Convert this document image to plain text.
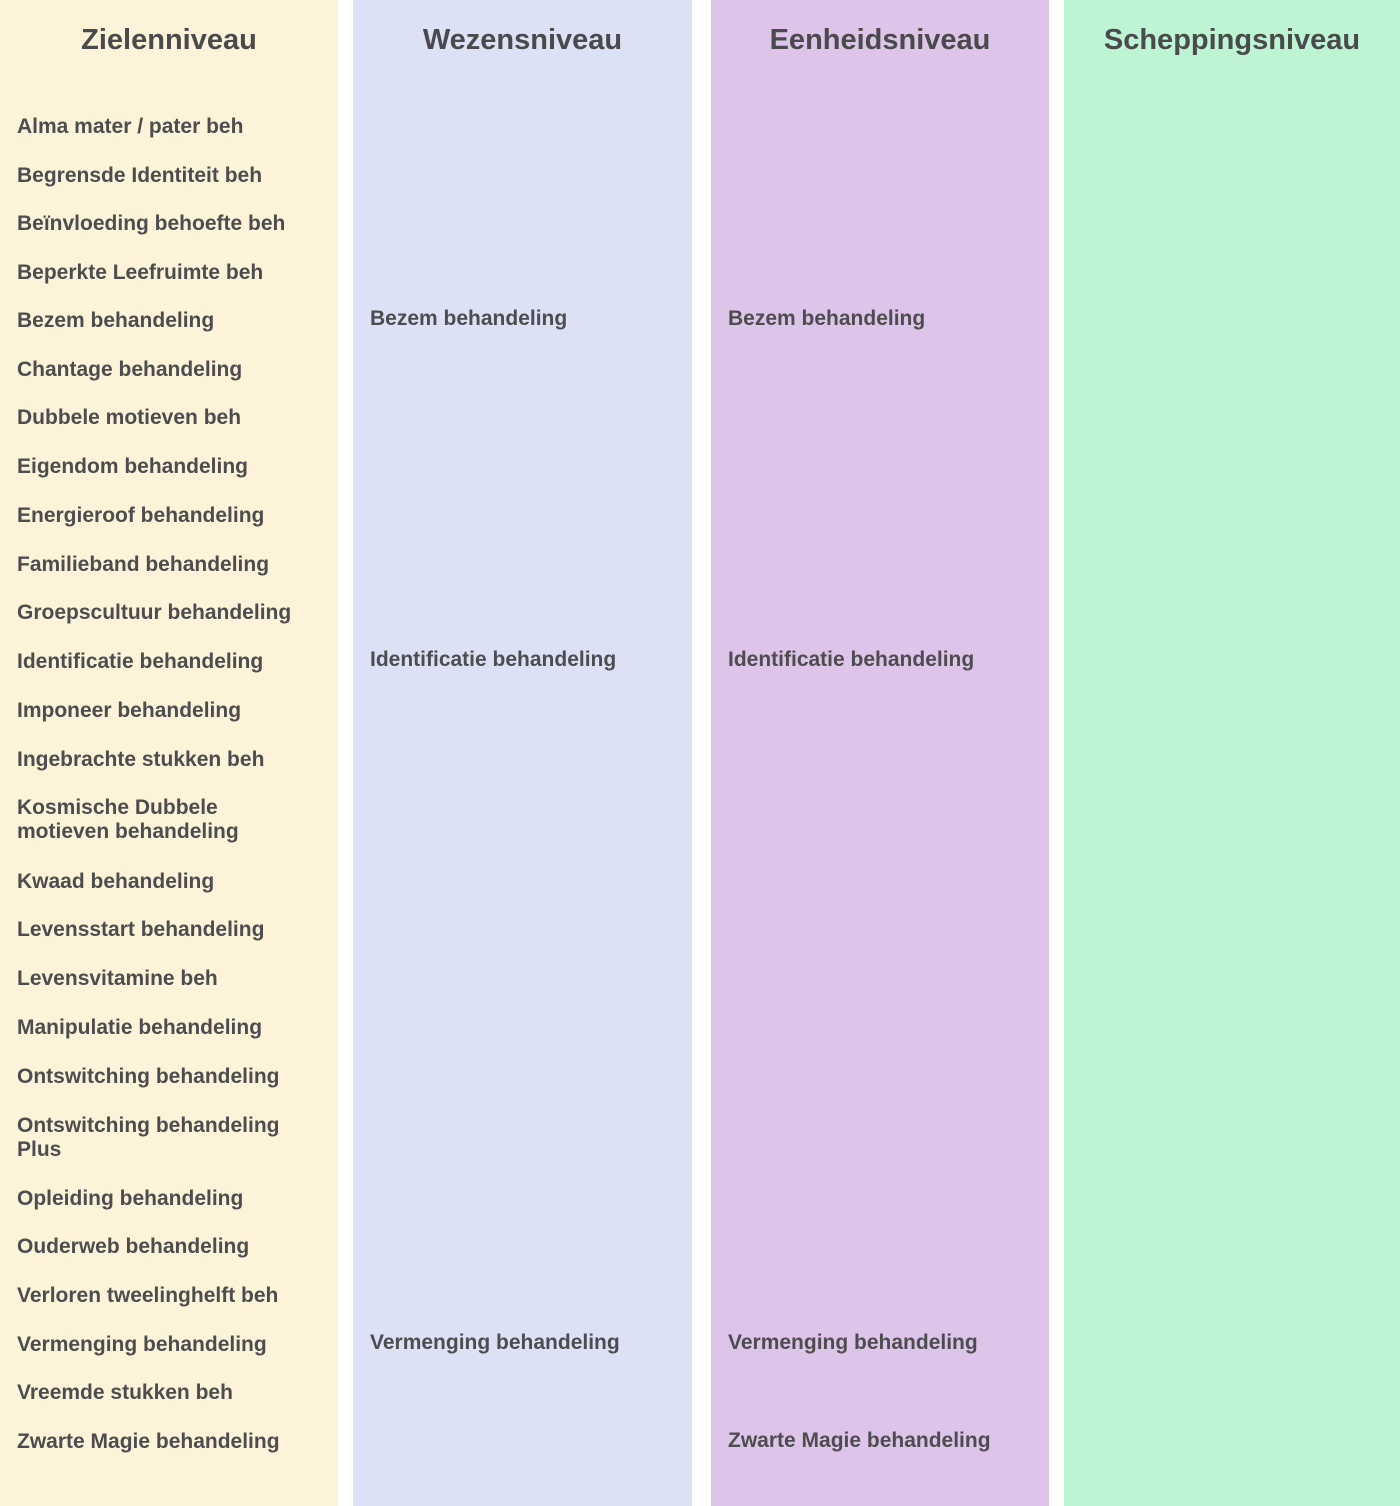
Zielenniveau
Alma mater / pater beh
Begrensde Identiteit beh
Beïnvloeding behoefte beh
Beperkte Leefruimte beh
Bezem behandeling
Chantage behandeling
Dubbele motieven beh
Eigendom behandeling
Energieroof behandeling
Familieband behandeling
Groepscultuur behandeling
Identificatie behandeling
Imponeer behandeling
Ingebrachte stukken beh
Kosmische Dubbele motieven behandeling
Kwaad behandeling
Levensstart behandeling
Levensvitamine beh
Manipulatie behandeling
Ontswitching behandeling
Ontswitching behandeling Plus
Opleiding behandeling
Ouderweb behandeling
Verloren tweelinghelft beh
Vermenging behandeling
Vreemde stukken beh
Zwarte Magie behandeling
Wezensniveau
Bezem behandeling
Identificatie behandeling
Vermenging behandeling
Eenheidsniveau
Bezem behandeling
Identificatie behandeling
Vermenging behandeling
Zwarte Magie behandeling
Scheppingsniveau
